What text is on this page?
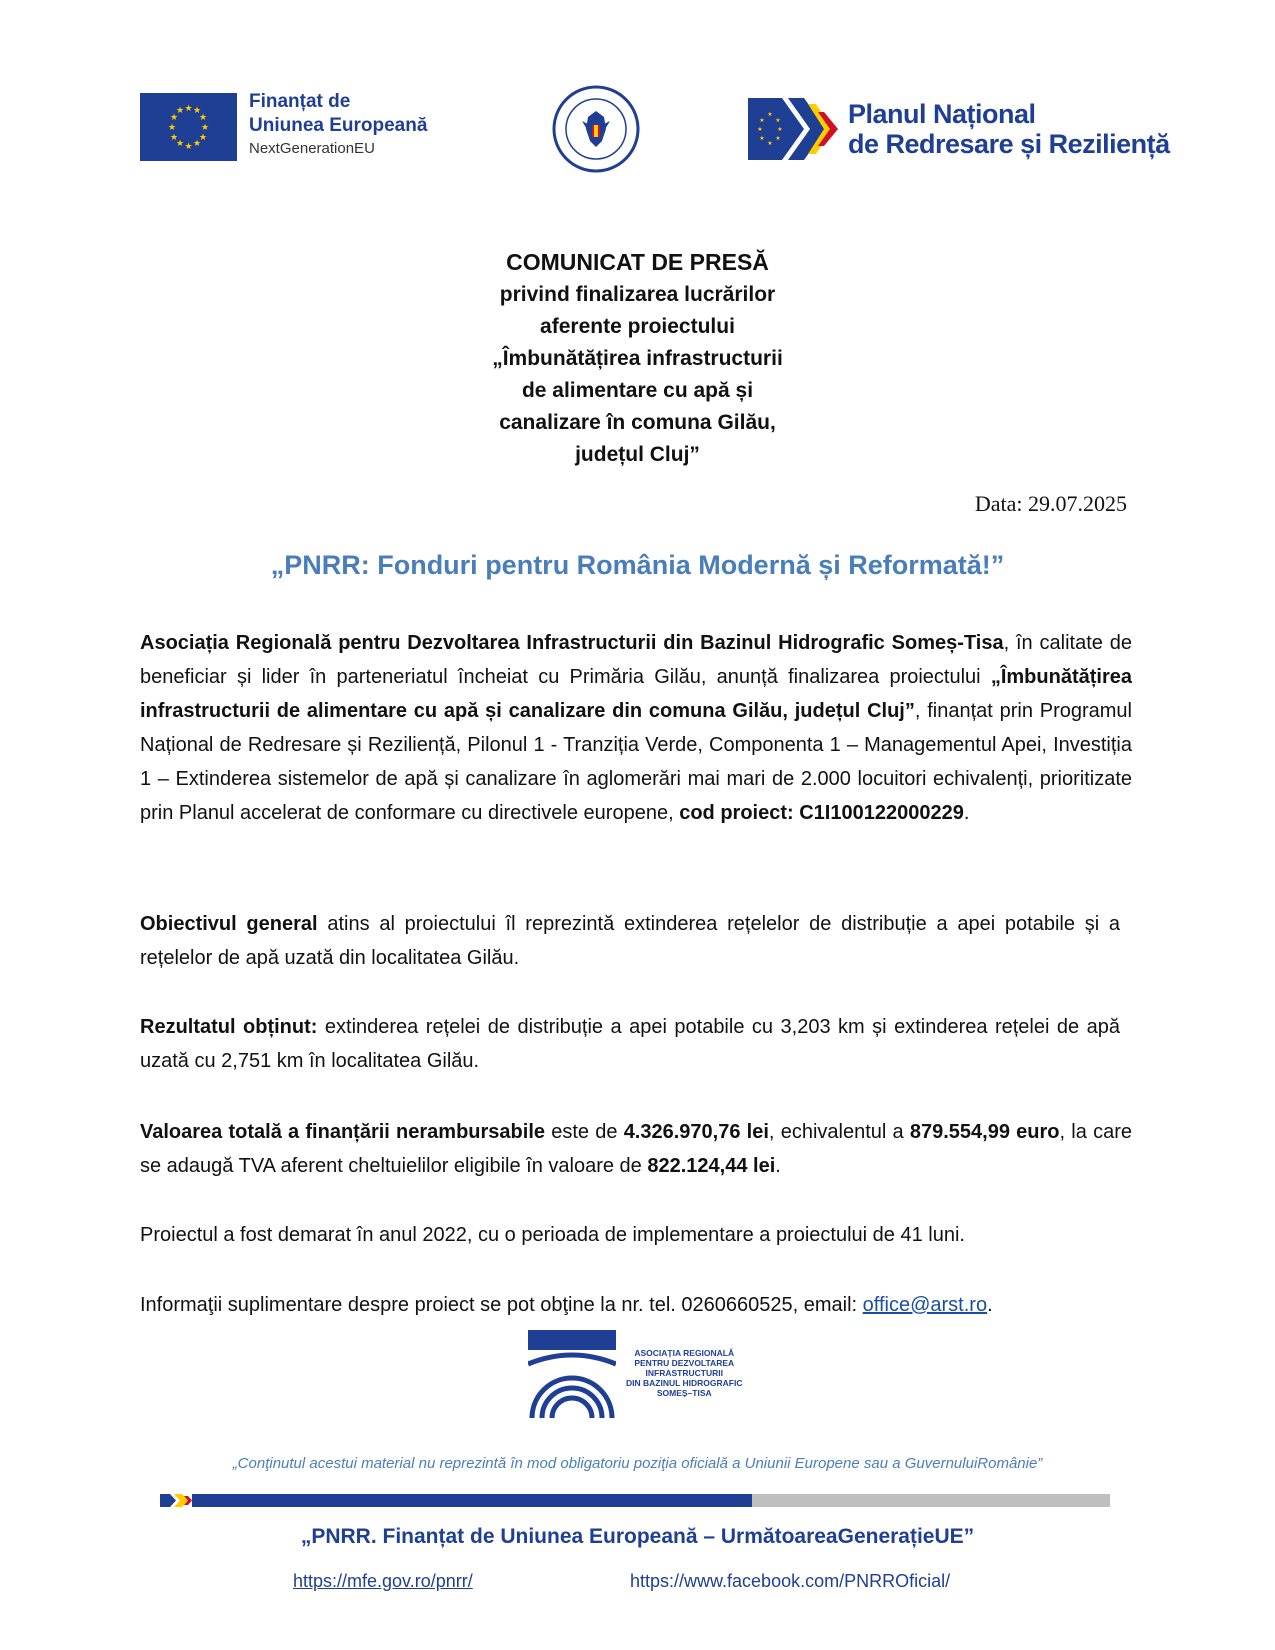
★ ★
★
★
★
★
★
★
★
★
★
★	Finanțat de
Uniunea Europeană
NextGenerationEU
★
★
★
★
★
★
★
★	Planul Național
de Redresare și Reziliență
COMUNICAT DE PRESĂ
privind finalizarea lucrărilor
aferente proiectului
„Îmbunătățirea infrastructurii
de alimentare cu apă și
canalizare în comuna Gilău,
județul Cluj”
Data: 29.07.2025
„PNRR: Fonduri pentru România Modernă și Reformată!”
Asociația Regională pentru Dezvoltarea Infrastructurii din Bazinul Hidrografic Someș-Tisa, în calitate de beneficiar și lider în parteneriatul încheiat cu Primăria Gilău, anunță finalizarea proiectului „Îmbunătățirea infrastructurii de alimentare cu apă și canalizare din comuna Gilău, județul Cluj”, finanțat prin Programul Național de Redresare și Reziliență, Pilonul 1 - Tranziția Verde, Componenta 1 – Managementul Apei, Investiția 1 – Extinderea sistemelor de apă și canalizare în aglomerări mai mari de 2.000 locuitori echivalenți, prioritizate prin Planul accelerat de conformare cu directivele europene, cod proiect: C1I100122000229.
Obiectivul general atins al proiectului îl reprezintă extinderea rețelelor de distribuție a apei potabile și a rețelelor de apă uzată din localitatea Gilău.
Rezultatul obținut: extinderea rețelei de distribuție a apei potabile cu 3,203 km și extinderea rețelei de apă uzată cu 2,751 km în localitatea Gilău.
Valoarea totală a finanțării nerambursabile este de 4.326.970,76 lei, echivalentul a 879.554,99 euro, la care se adaugă TVA aferent cheltuielilor eligibile în valoare de 822.124,44 lei.
Proiectul a fost demarat în anul 2022, cu o perioada de implementare a proiectului de 41 luni.
Informaţii suplimentare despre proiect se pot obţine la nr. tel. 0260660525, email: office@arst.ro.
ASOCIAȚIA REGIONALĂ
PENTRU DEZVOLTAREA
INFRASTRUCTURII
DIN BAZINUL HIDROGRAFIC
SOMEȘ–TISA
„Conţinutul acestui material nu reprezintă în mod obligatoriu poziţia oficială a Uniunii Europene sau a GuvernuluiRomânie”
„PNRR. Finanțat de Uniunea Europeană – UrmătoareaGenerațieUE”
https://mfe.gov.ro/pnrr/	https://www.facebook.com/PNRROficial/
